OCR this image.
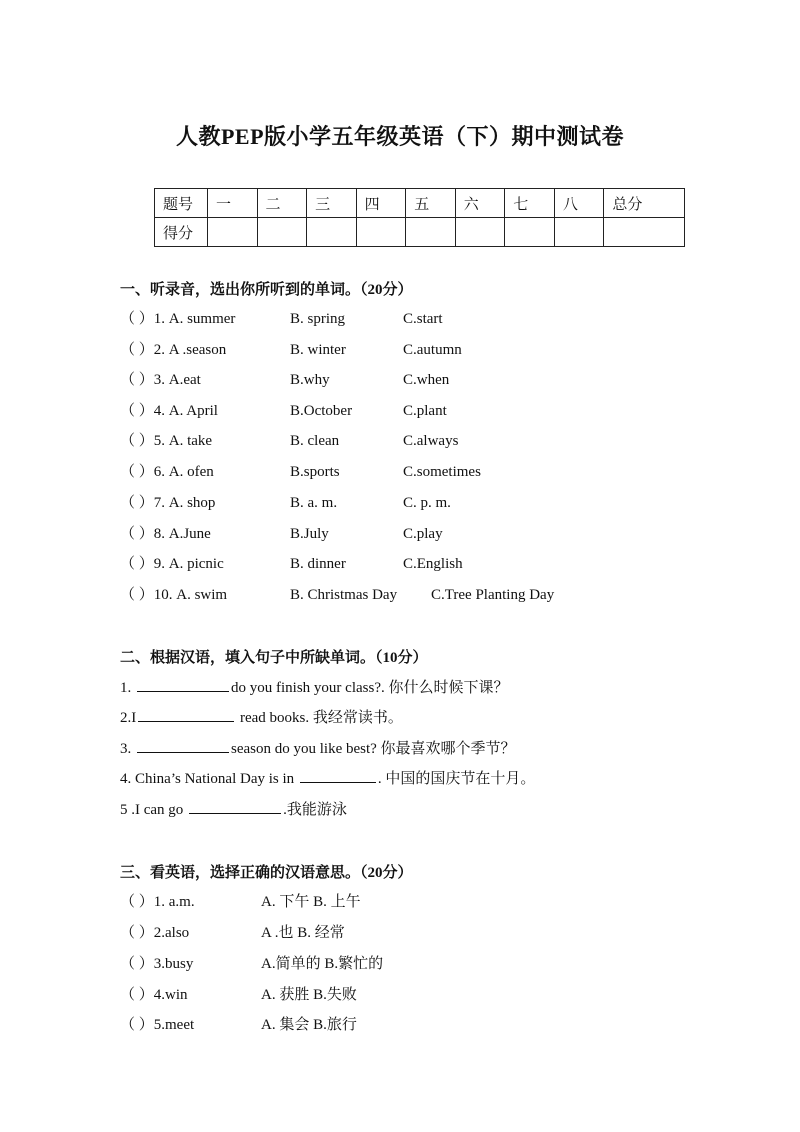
人教PEP版小学五年级英语（下）期中测试卷
题号	一	二	三	四	五	六	七	八	总分
得分									
一、听录音，选出你所听到的单词。（20分）
（ ）1. A. summer	B. spring	C.start
（ ）2. A .season	B. winter	C.autumn
（ ）3. A.eat	B.why	C.when
（ ）4. A. April	B.October	C.plant
（ ）5. A. take	B. clean	C.always
（ ）6. A. ofen	B.sports	C.sometimes
（ ）7. A. shop	B. a. m.	C. p. m.
（ ）8. A.June	B.July	C.play
（ ）9. A. picnic	B. dinner	C.English
（ ）10. A. swim	B. Christmas Day C.Tree Planting Day
二、根据汉语，填入句子中所缺单词。（10分）
1.	do you finish your class?. 你什么时候下课？
2.I	read books. 我经常读书。
3.	season do you like best? 你最喜欢哪个季节？
4. China’s National Day is in	. 中国的国庆节在十月。
5 .I can go	.我能游泳
三、看英语，选择正确的汉语意思。（20分）
（ ）1. a.m.	A. 下午 B. 上午
（ ）2.also	A .也 B. 经常
（ ）3.busy	A.简单的 B.繁忙的
（ ）4.win	A. 获胜 B.失败
（ ）5.meet	A. 集会 B.旅行
